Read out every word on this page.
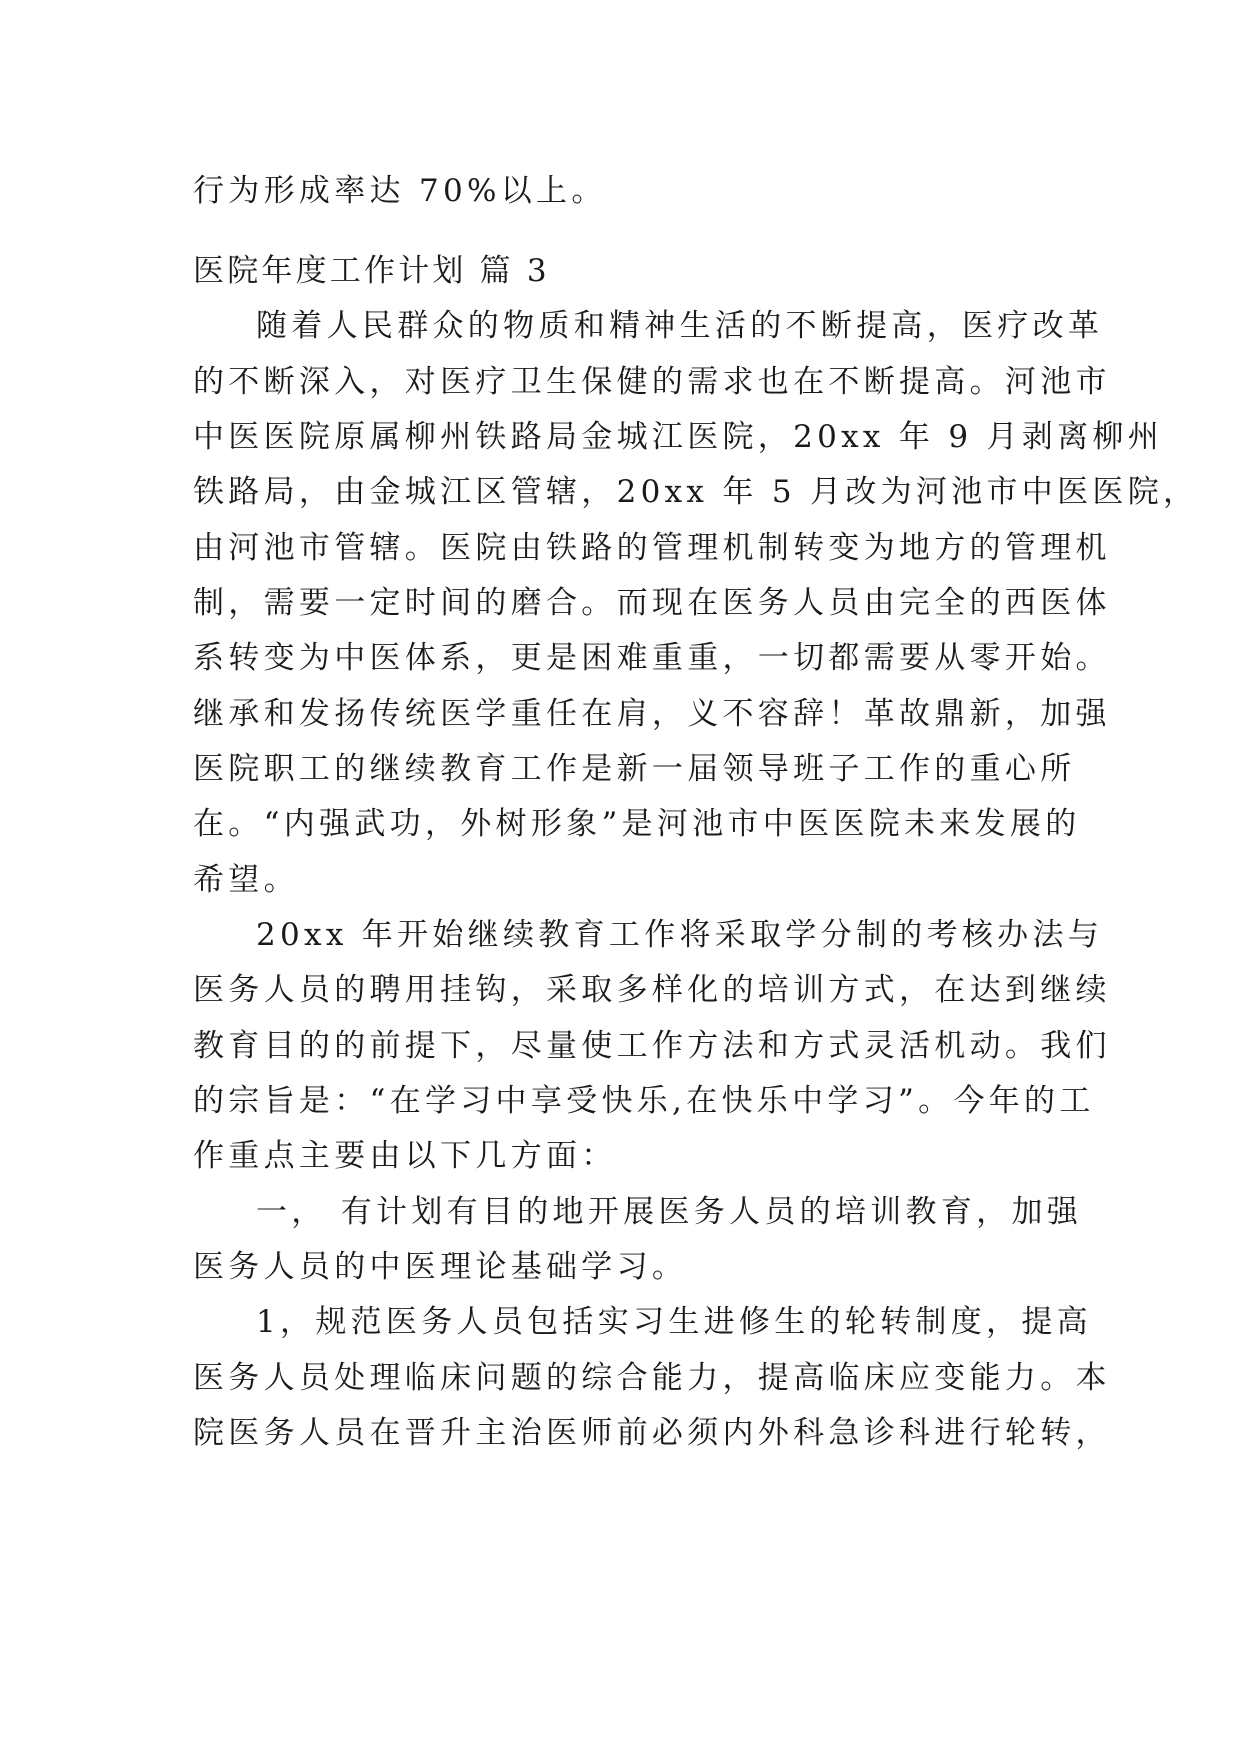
行为形成率达 70%以上。
医院年度工作计划 篇 3
随着人民群众的物质和精神生活的不断提高，医疗改革
的不断深入，对医疗卫生保健的需求也在不断提高。河池市
中医医院原属柳州铁路局金城江医院，20xx 年 9 月剥离柳州
铁路局，由金城江区管辖，20xx 年 5 月改为河池市中医医院，
由河池市管辖。医院由铁路的管理机制转变为地方的管理机
制，需要一定时间的磨合。而现在医务人员由完全的西医体
系转变为中医体系，更是困难重重，一切都需要从零开始。
继承和发扬传统医学重任在肩，义不容辞！革故鼎新，加强
医院职工的继续教育工作是新一届领导班子工作的重心所
在。“内强武功，外树形象”是河池市中医医院未来发展的
希望。
20xx 年开始继续教育工作将采取学分制的考核办法与
医务人员的聘用挂钩，采取多样化的培训方式，在达到继续
教育目的的前提下，尽量使工作方法和方式灵活机动。我们
的宗旨是：“在学习中享受快乐,在快乐中学习”。今年的工
作重点主要由以下几方面：
一， 有计划有目的地开展医务人员的培训教育，加强
医务人员的中医理论基础学习。
1，规范医务人员包括实习生进修生的轮转制度，提高
医务人员处理临床问题的综合能力，提高临床应变能力。本
院医务人员在晋升主治医师前必须内外科急诊科进行轮转，
